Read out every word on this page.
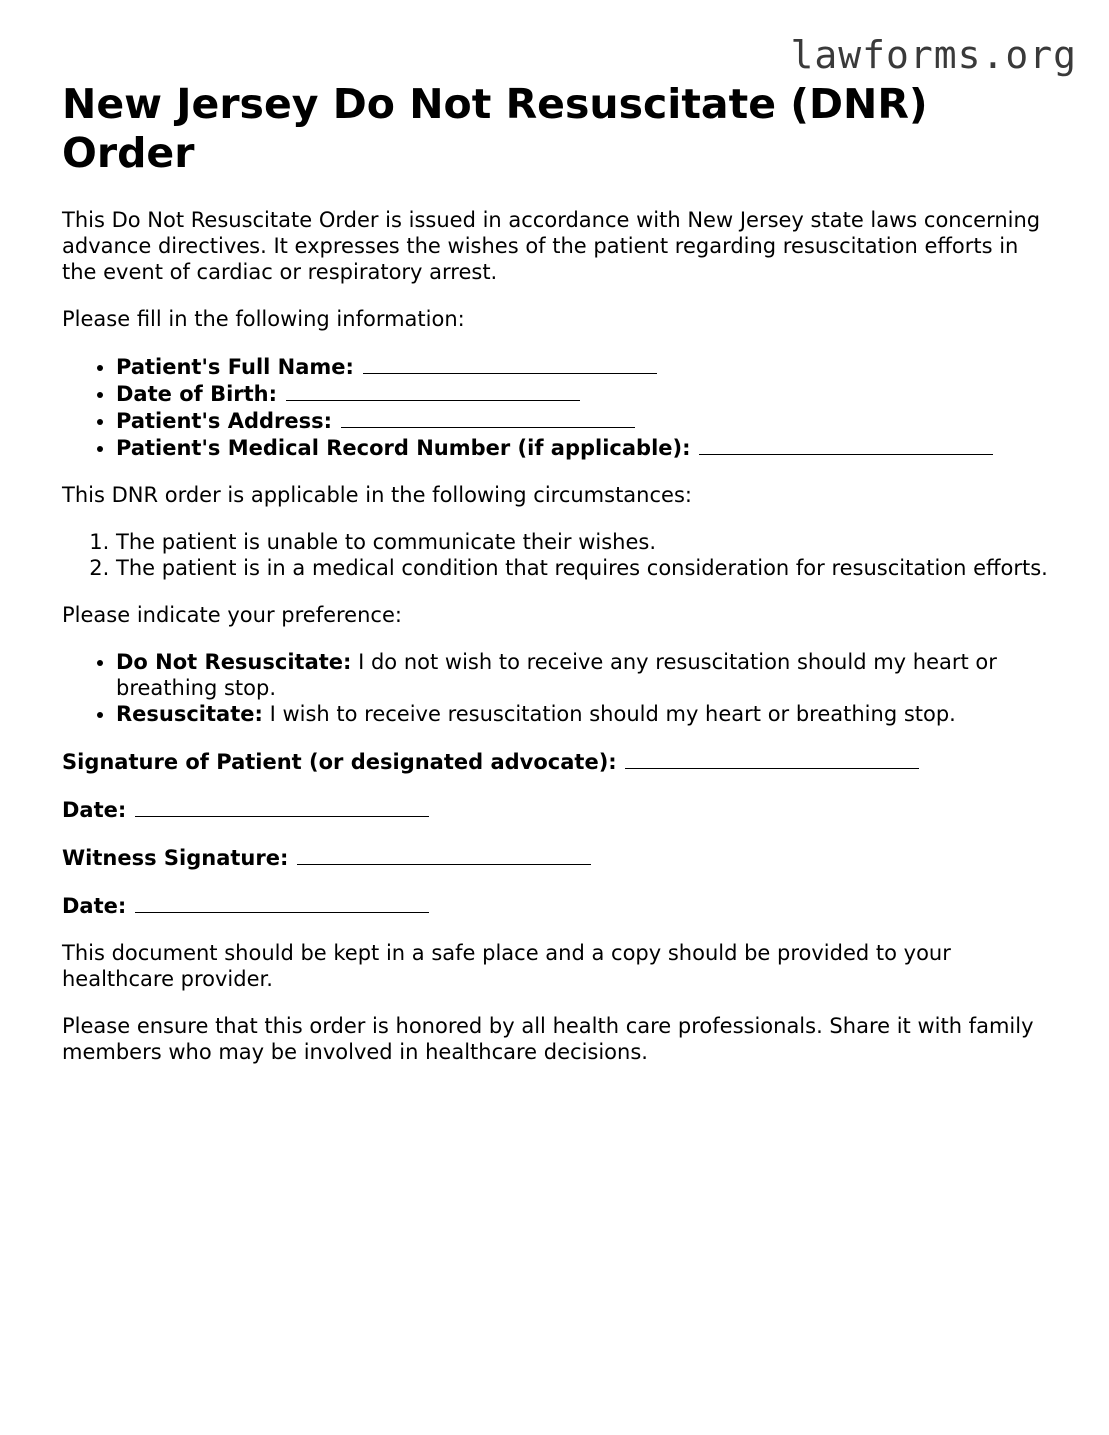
lawforms.org
New Jersey Do Not Resuscitate (DNR) Order

This Do Not Resuscitate Order is issued in accordance with New Jersey state laws concerning advance directives. It expresses the wishes of the patient regarding resuscitation efforts in the event of cardiac or respiratory arrest.

Please fill in the following information:

• Patient's Full Name:
• Date of Birth:
• Patient's Address:
• Patient's Medical Record Number (if applicable):

This DNR order is applicable in the following circumstances:

1. The patient is unable to communicate their wishes.
2. The patient is in a medical condition that requires consideration for resuscitation efforts.

Please indicate your preference:

• Do Not Resuscitate: I do not wish to receive any resuscitation should my heart or breathing stop.
• Resuscitate: I wish to receive resuscitation should my heart or breathing stop.

Signature of Patient (or designated advocate):

Date:

Witness Signature:

Date:

This document should be kept in a safe place and a copy should be provided to your healthcare provider.

Please ensure that this order is honored by all health care professionals. Share it with family members who may be involved in healthcare decisions.
